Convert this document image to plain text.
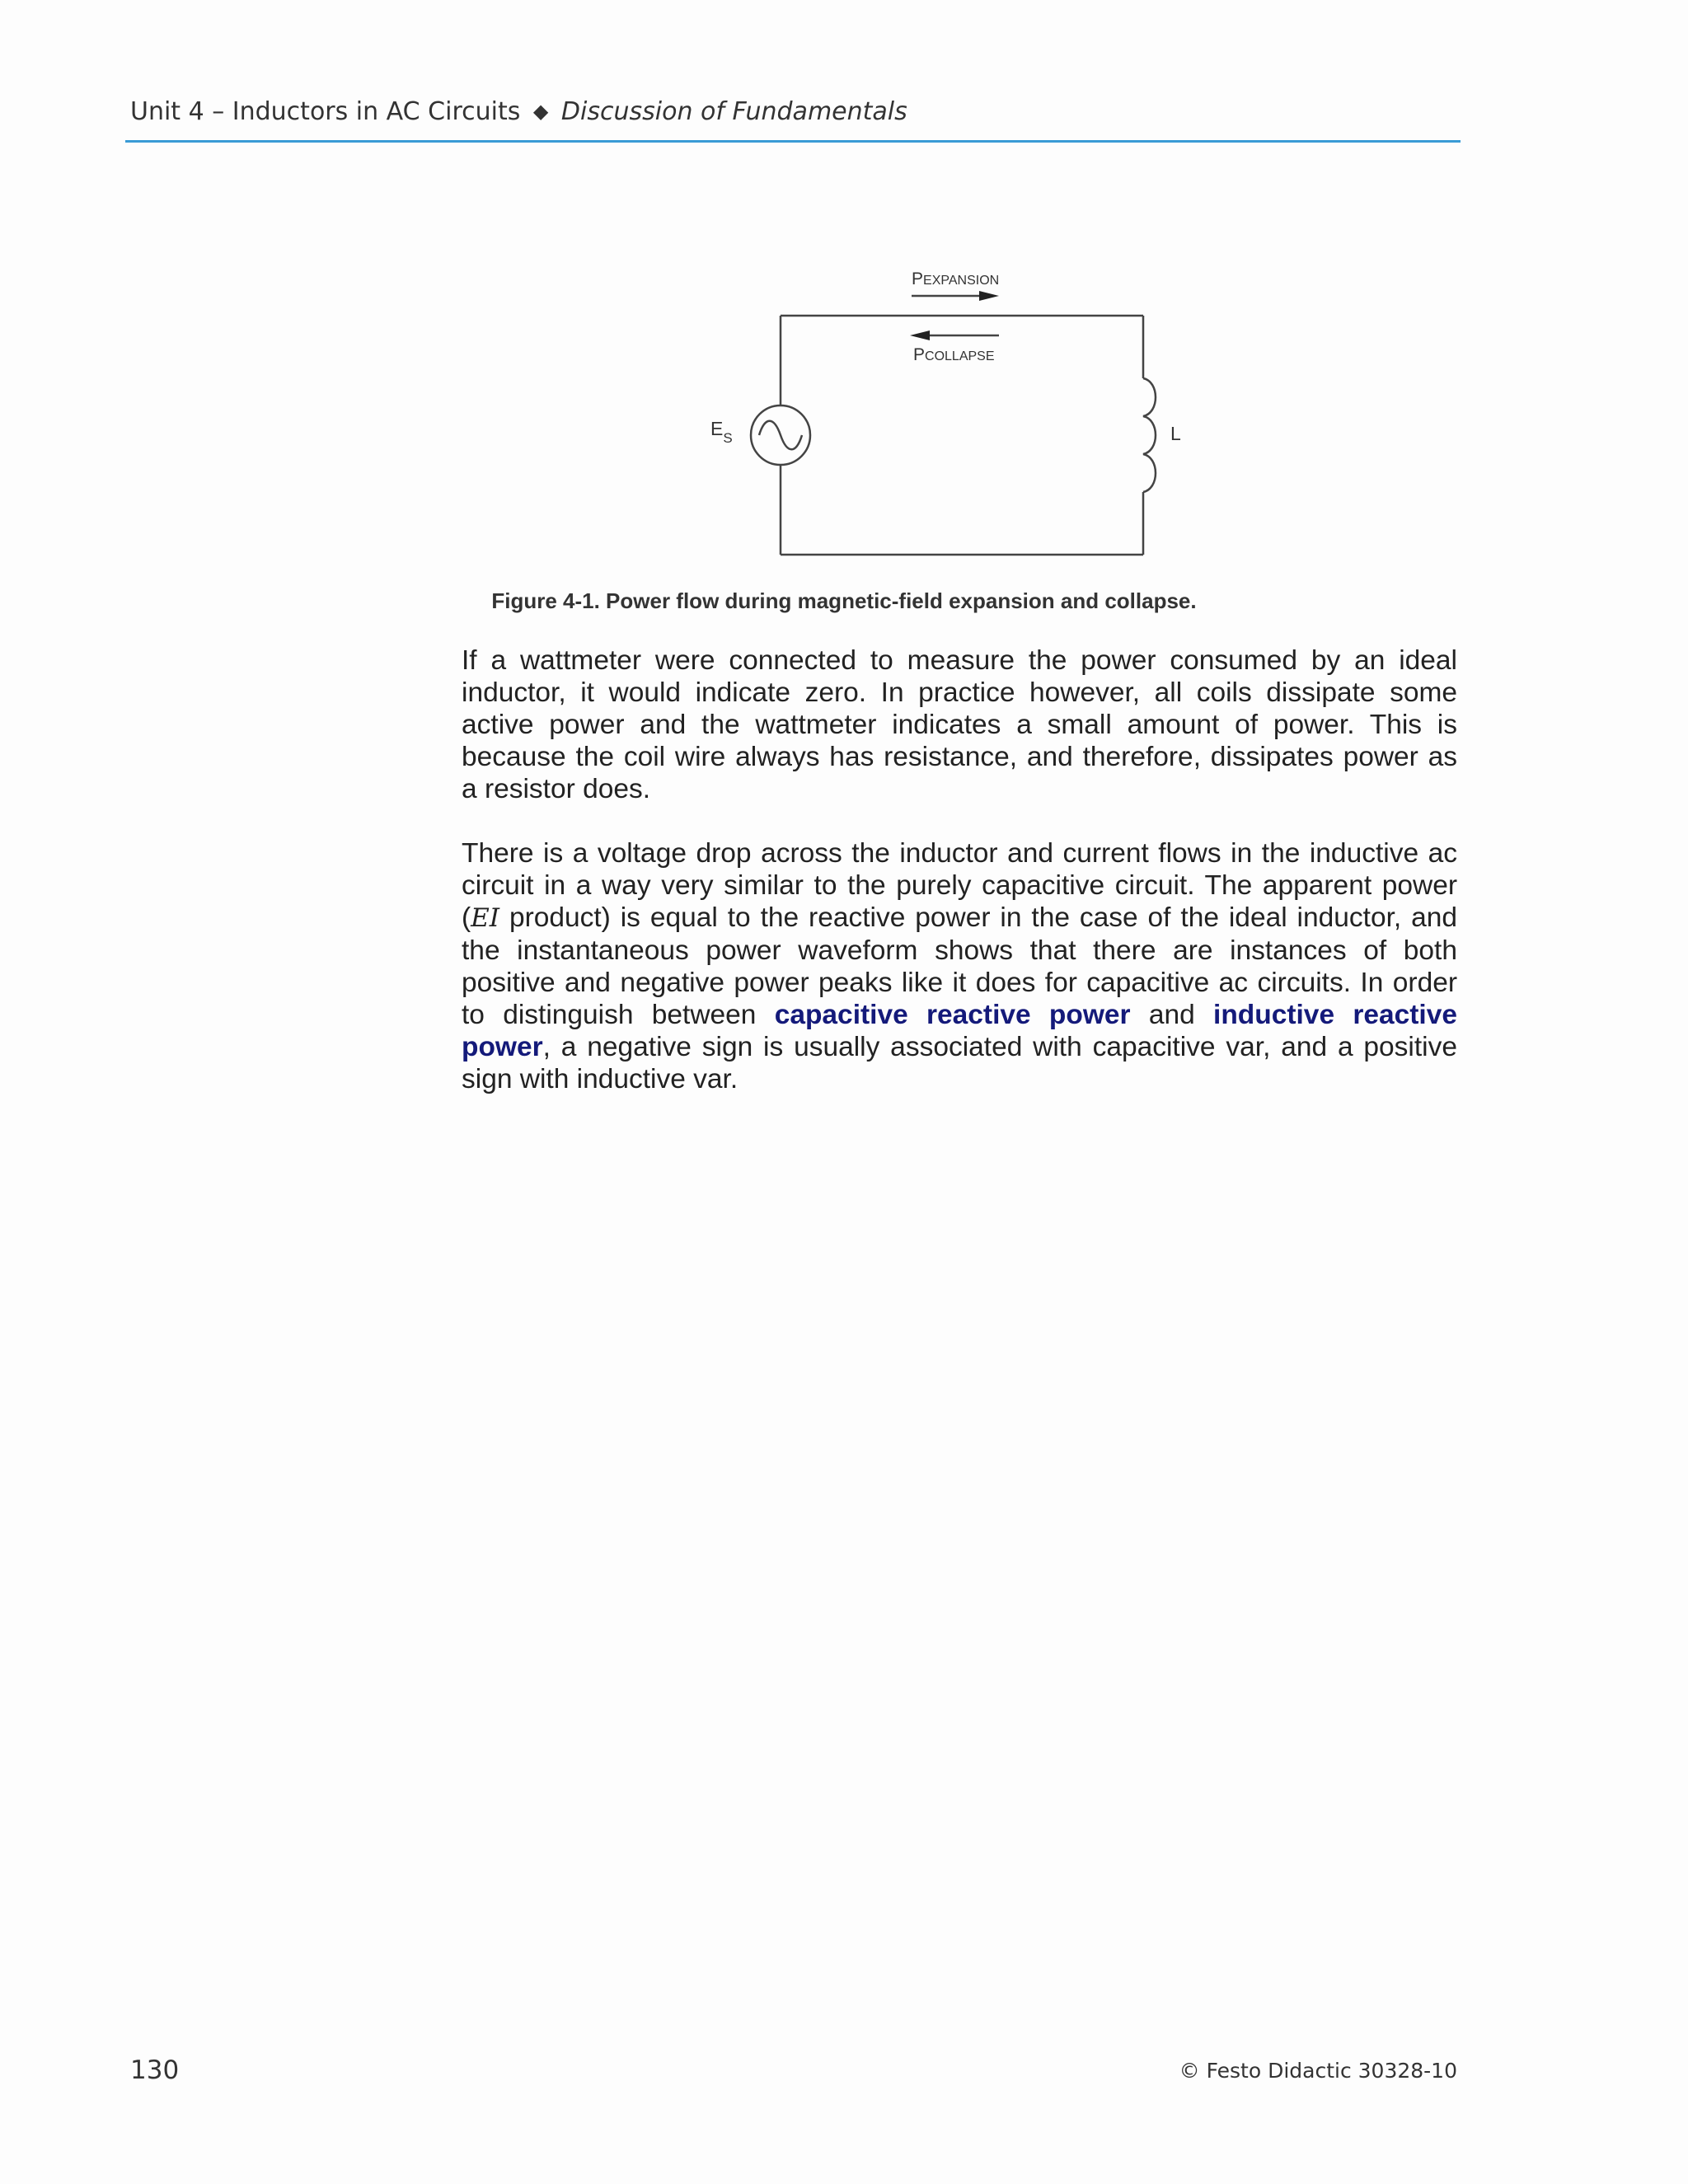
Unit 4 – Inductors in AC Circuits ◆ Discussion of Fundamentals
PEXPANSION
PCOLLAPSE
$E_S$	L
Figure 4-1. Power flow during magnetic-field expansion and collapse.

If a wattmeter were connected to measure the power consumed by an ideal inductor, it would indicate zero. In practice however, all coils dissipate some active power and the wattmeter indicates a small amount of power. This is because the coil wire always has resistance, and therefore, dissipates power as a resistor does.

There is a voltage drop across the inductor and current flows in the inductive ac circuit in a way very similar to the purely capacitive circuit. The apparent power (EI product) is equal to the reactive power in the case of the ideal inductor, and the instantaneous power waveform shows that there are instances of both positive and negative power peaks like it does for capacitive ac circuits. In order to distinguish between capacitive reactive power and inductive reactive power, a negative sign is usually associated with capacitive var, and a positive sign with inductive var.

130	© Festo Didactic 30328-10
